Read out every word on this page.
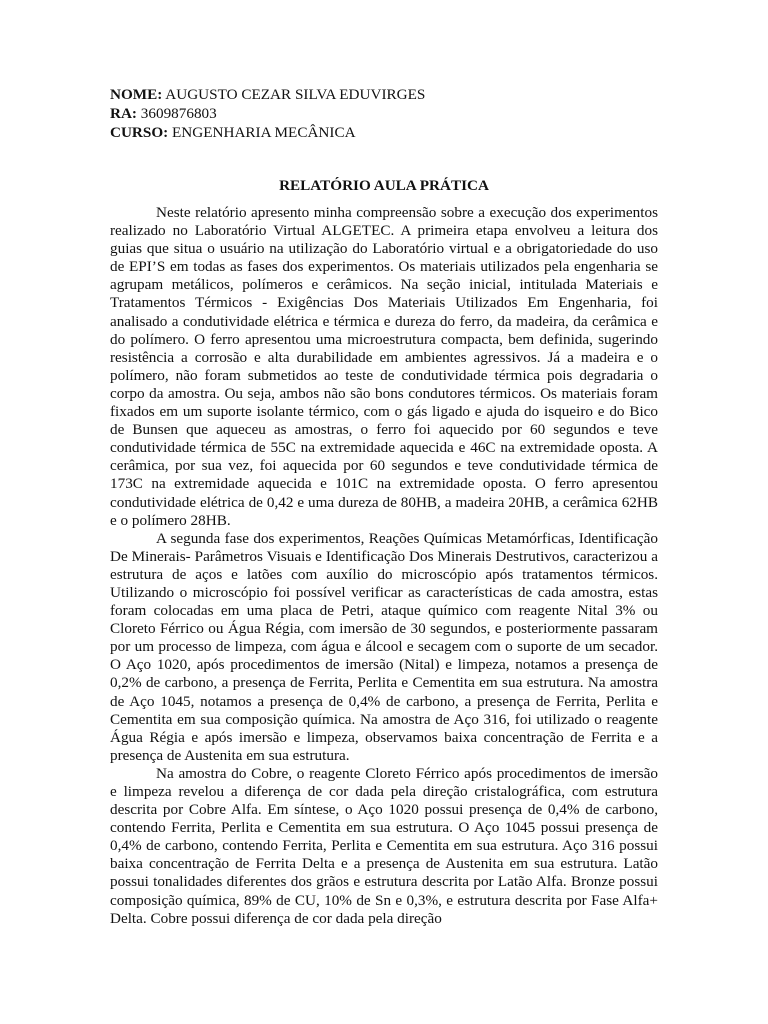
NOME: AUGUSTO CEZAR SILVA EDUVIRGES
RA: 3609876803
CURSO: ENGENHARIA MECÂNICA
RELATÓRIO AULA PRÁTICA

Neste relatório apresento minha compreensão sobre a execução dos experimentos realizado no Laboratório Virtual ALGETEC. A primeira etapa envolveu a leitura dos guias que situa o usuário na utilização do Laboratório virtual e a obrigatoriedade do uso de EPI’S em todas as fases dos experimentos. Os materiais utilizados pela engenharia se agrupam metálicos, polímeros e cerâmicos. Na seção inicial, intitulada Materiais e Tratamentos Térmicos - Exigências Dos Materiais Utilizados Em Engenharia, foi analisado a condutividade elétrica e térmica e dureza do ferro, da madeira, da cerâmica e do polímero. O ferro apresentou uma microestrutura compacta, bem definida, sugerindo resistência a corrosão e alta durabilidade em ambientes agressivos. Já a madeira e o polímero, não foram submetidos ao teste de condutividade térmica pois degradaria o corpo da amostra. Ou seja, ambos não são bons condutores térmicos. Os materiais foram fixados em um suporte isolante térmico, com o gás ligado e ajuda do isqueiro e do Bico de Bunsen que aqueceu as amostras, o ferro foi aquecido por 60 segundos e teve condutividade térmica de 55C na extremidade aquecida e 46C na extremidade oposta. A cerâmica, por sua vez, foi aquecida por 60 segundos e teve condutividade térmica de 173C na extremidade aquecida e 101C na extremidade oposta. O ferro apresentou condutividade elétrica de 0,42 e uma dureza de 80HB, a madeira 20HB, a cerâmica 62HB e o polímero 28HB.

A segunda fase dos experimentos, Reações Químicas Metamórficas, Identificação De Minerais- Parâmetros Visuais e Identificação Dos Minerais Destrutivos, caracterizou a estrutura de aços e latões com auxílio do microscópio após tratamentos térmicos. Utilizando o microscópio foi possível verificar as características de cada amostra, estas foram colocadas em uma placa de Petri, ataque químico com reagente Nital 3% ou Cloreto Férrico ou Água Régia, com imersão de 30 segundos, e posteriormente passaram por um processo de limpeza, com água e álcool e secagem com o suporte de um secador. O Aço 1020, após procedimentos de imersão (Nital) e limpeza, notamos a presença de 0,2% de carbono, a presença de Ferrita, Perlita e Cementita em sua estrutura. Na amostra de Aço 1045, notamos a presença de 0,4% de carbono, a presença de Ferrita, Perlita e Cementita em sua composição química. Na amostra de Aço 316, foi utilizado o reagente Água Régia e após imersão e limpeza, observamos baixa concentração de Ferrita e a presença de Austenita em sua estrutura.

Na amostra do Cobre, o reagente Cloreto Férrico após procedimentos de imersão e limpeza revelou a diferença de cor dada pela direção cristalográfica, com estrutura descrita por Cobre Alfa. Em síntese, o Aço 1020 possui presença de 0,4% de carbono, contendo Ferrita, Perlita e Cementita em sua estrutura. O Aço 1045 possui presença de 0,4% de carbono, contendo Ferrita, Perlita e Cementita em sua estrutura. Aço 316 possui baixa concentração de Ferrita Delta e a presença de Austenita em sua estrutura. Latão possui tonalidades diferentes dos grãos e estrutura descrita por Latão Alfa. Bronze possui composição química, 89% de CU, 10% de Sn e 0,3%, e estrutura descrita por Fase Alfa+ Delta. Cobre possui diferença de cor dada pela direção
